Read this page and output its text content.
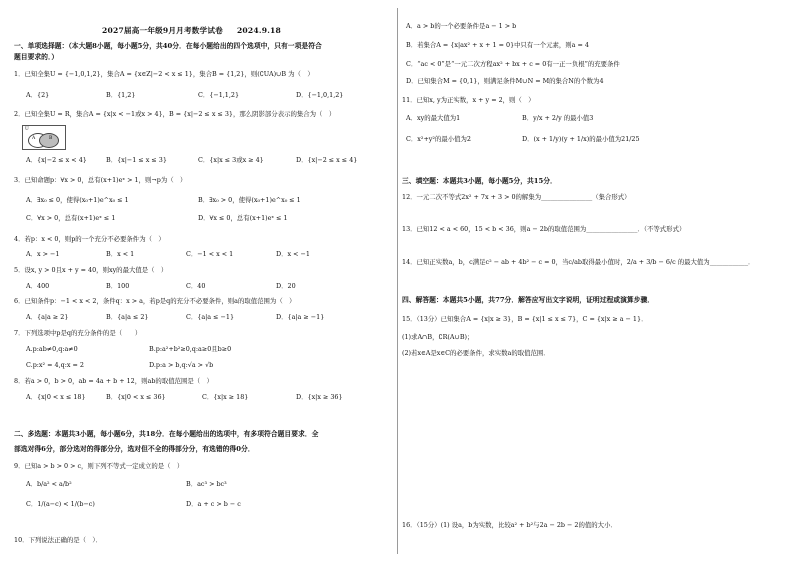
2027届高一年级9月月考数学试卷 2024.9.18
一、单项选择题：（本大题8小题，每小题5分，共40分．在每小题给出的四个选项中，只有一项是符合
题目要求的．）
1．已知全集U = {−1,0,1,2}，集合A = {x∈Z|−2 < x ≤ 1}，集合B = {1,2}，则(∁UA)∪B 为（　）
A．{2}	B．{1,2}	C．{−1,1,2}	D．{−1,0,1,2}
2．已知全集U = R，集合A = {x|x < −1或x > 4}，B = {x|−2 ≤ x ≤ 3}，那么阴影部分表示的集合为（　）
U
A	B
A．{x|−2 ≤ x < 4}	B．{x|−1 ≤ x ≤ 3}	C．{x|x ≤ 3或x ≥ 4}	D．{x|−2 ≤ x ≤ 4}
3．已知命题p：∀x > 0，总有(x+1)eˣ > 1，则¬p为（　）
A．∃x₀ ≤ 0，使得(x₀+1)e^x₀ ≤ 1	B．∃x₀ > 0，使得(x₀+1)e^x₀ ≤ 1
C．∀x > 0，总有(x+1)eˣ ≤ 1	D．∀x ≤ 0，总有(x+1)eˣ ≤ 1
4．若p：x < 0，则p的一个充分不必要条件为（　）
A．x > −1	B．x < 1	C．−1 < x < 1	D．x < −1
5．设x, y > 0且x + y = 40，则xy的最大值是（　）
A．400	B．100	C．40	D．20
6．已知条件p：−1 < x < 2，条件q：x > a，若p是q的充分不必要条件，则a的取值范围为（　）
A．{a|a ≥ 2}	B．{a|a ≤ 2}	C．{a|a ≤ −1}	D．{a|a ≥ −1}
7．下列选项中p是q的充分条件的是（　　）
A.p:ab≠0,q:a≠0	B.p:a²+b²≥0,q:a≥0且b≥0
C.p:x² = 4,q:x = 2	D.p:a > b,q:√a > √b
8．若a > 0，b > 0，ab = 4a + b + 12，则ab的取值范围是（　）
A．{x|0 < x ≤ 18}	B．{x|0 < x ≤ 36}	C．{x|x ≥ 18}	D．{x|x ≥ 36}
二、多选题：本题共3小题，每小题6分，共18分．在每小题给出的选项中，有多项符合题目要求．全
部选对得6分，部分选对的得部分分，选对但不全的得部分分，有选错的得0分．
9．已知a > b > 0 > c，则下列不等式一定成立的是（　）
A．b/a² < a/b²	B．ac³ > bc³
C．1/(a−c) < 1/(b−c)	D．a + c > b − c
10．下列说法正确的是（　）．
A．a > b的一个必要条件是a − 1 > b
B．若集合A = {x|ax² + x + 1 = 0}中只有一个元素，则a = 4
C．“ac < 0”是“一元二次方程ax² + bx + c = 0有一正一负根”的充要条件
D．已知集合M = {0,1}，则满足条件M∪N = M的集合N的个数为4
11．已知x, y为正实数，x + y = 2，则（　）
A．xy的最大值为1	B．y/x + 2/y 的最小值3
C．x²+y²的最小值为2	D．(x + 1/y)(y + 1/x)的最小值为21/25
三、填空题：本题共3小题，每小题5分，共15分．
12．一元二次不等式2x² + 7x + 3 > 0的解集为________________（集合形式）
13．已知12 < a < 60，15 < b < 36，则a − 2b的取值范围为________________．（不等式形式）
14．已知正实数a，b，c满足c² − ab + 4b² − c = 0，当c/ab取得最小值时，2/a + 3/b − 6/c 的最大值为____________．
四、解答题：本题共5小题，共77分．解答应写出文字说明，证明过程或演算步骤．
15．（13分）已知集合A = {x|x ≥ 3}，B = {x|1 ≤ x ≤ 7}，C = {x|x ≥ a − 1}．
(1)求A∩B，∁R(A∪B)；
(2)若x∈A是x∈C的必要条件，求实数a的取值范围．
16．（15分）(1) 设a，b为实数，比较a² + b²与2a − 2b − 2的值的大小．
